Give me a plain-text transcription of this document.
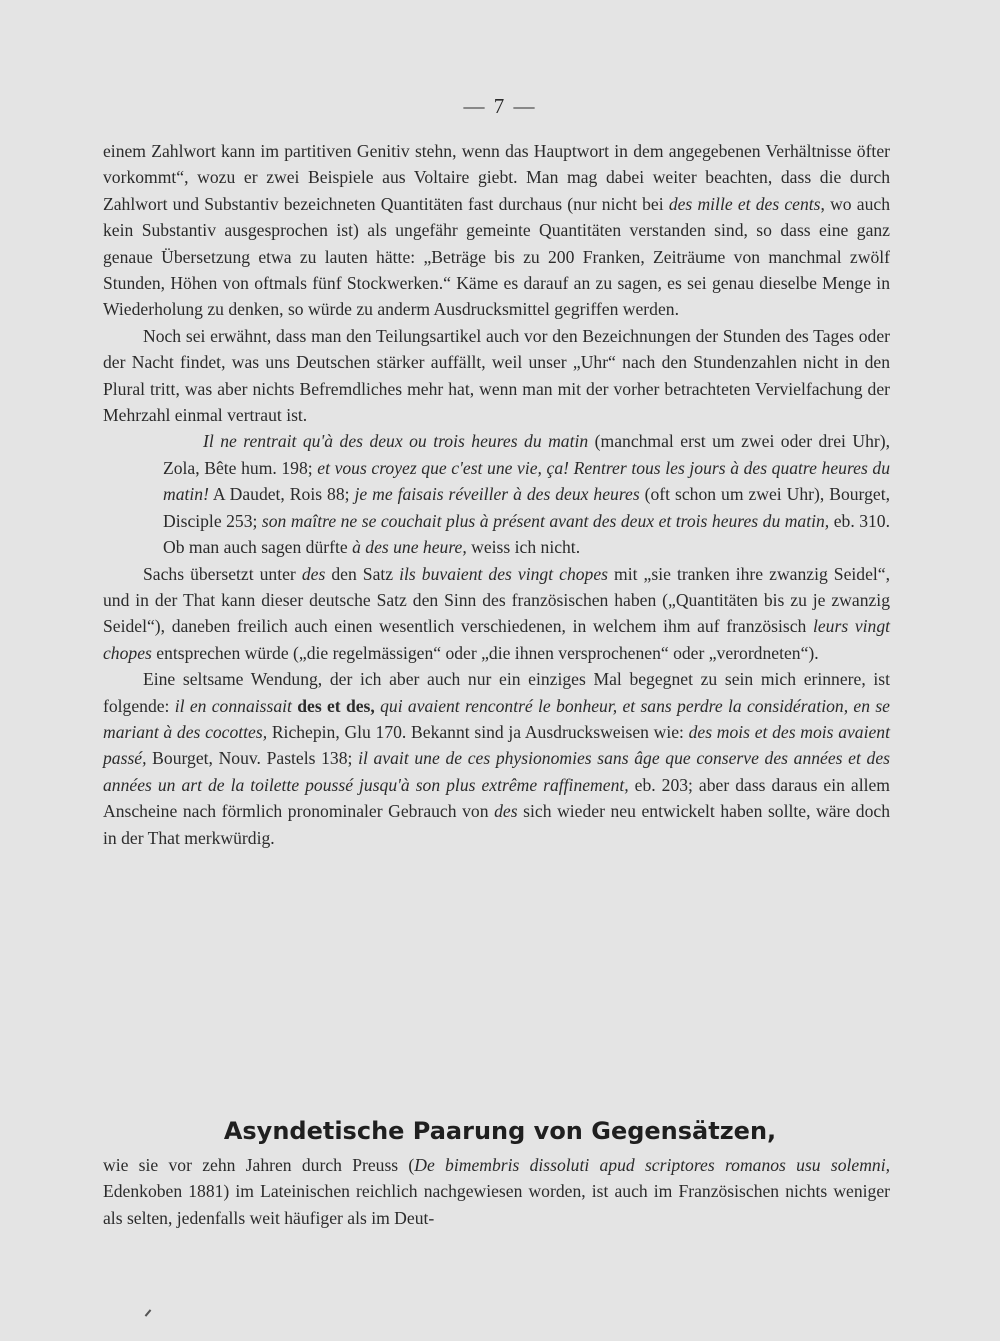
— 7 —

einem Zahlwort kann im partitiven Genitiv stehn, wenn das Hauptwort in dem angegebenen Verhältnisse öfter vorkommt“, wozu er zwei Beispiele aus Voltaire giebt. Man mag dabei weiter beachten, dass die durch Zahlwort und Substantiv bezeichneten Quantitäten fast durchaus (nur nicht bei des mille et des cents, wo auch kein Substantiv ausgesprochen ist) als ungefähr gemeinte Quantitäten verstanden sind, so dass eine ganz genaue Übersetzung etwa zu lauten hätte: „Beträge bis zu 200 Franken, Zeiträume von manchmal zwölf Stunden, Höhen von oftmals fünf Stockwerken.“ Käme es darauf an zu sagen, es sei genau dieselbe Menge in Wiederholung zu denken, so würde zu anderm Ausdrucksmittel gegriffen werden.

Noch sei erwähnt, dass man den Teilungsartikel auch vor den Bezeichnungen der Stunden des Tages oder der Nacht findet, was uns Deutschen stärker auffällt, weil unser „Uhr“ nach den Stundenzahlen nicht in den Plural tritt, was aber nichts Befremdliches mehr hat, wenn man mit der vorher betrachteten Vervielfachung der Mehrzahl einmal vertraut ist.

Il ne rentrait qu'à des deux ou trois heures du matin (manchmal erst um zwei oder drei Uhr), Zola, Bête hum. 198; et vous croyez que c'est une vie, ça! Rentrer tous les jours à des quatre heures du matin! A Daudet, Rois 88; je me faisais réveiller à des deux heures (oft schon um zwei Uhr), Bourget, Disciple 253; son maître ne se couchait plus à présent avant des deux et trois heures du matin, eb. 310. Ob man auch sagen dürfte à des une heure, weiss ich nicht.

Sachs übersetzt unter des den Satz ils buvaient des vingt chopes mit „sie tranken ihre zwanzig Seidel“, und in der That kann dieser deutsche Satz den Sinn des französischen haben („Quantitäten bis zu je zwanzig Seidel“), daneben freilich auch einen wesentlich verschiedenen, in welchem ihm auf französisch leurs vingt chopes entsprechen würde („die regelmässigen“ oder „die ihnen versprochenen“ oder „verordneten“).

Eine seltsame Wendung, der ich aber auch nur ein einziges Mal begegnet zu sein mich erinnere, ist folgende: il en connaissait des et des, qui avaient rencontré le bonheur, et sans perdre la considération, en se mariant à des cocottes, Richepin, Glu 170. Bekannt sind ja Ausdrucksweisen wie: des mois et des mois avaient passé, Bourget, Nouv. Pastels 138; il avait une de ces physionomies sans âge que conserve des années et des années un art de la toilette poussé jusqu'à son plus extrême raffinement, eb. 203; aber dass daraus ein allem Anscheine nach förmlich pronominaler Gebrauch von des sich wieder neu entwickelt haben sollte, wäre doch in der That merkwürdig.

Asyndetische Paarung von Gegensätzen,

wie sie vor zehn Jahren durch Preuss (De bimembris dissoluti apud scriptores romanos usu solemni, Edenkoben 1881) im Lateinischen reichlich nachgewiesen worden, ist auch im Französischen nichts weniger als selten, jedenfalls weit häufiger als im Deut-
